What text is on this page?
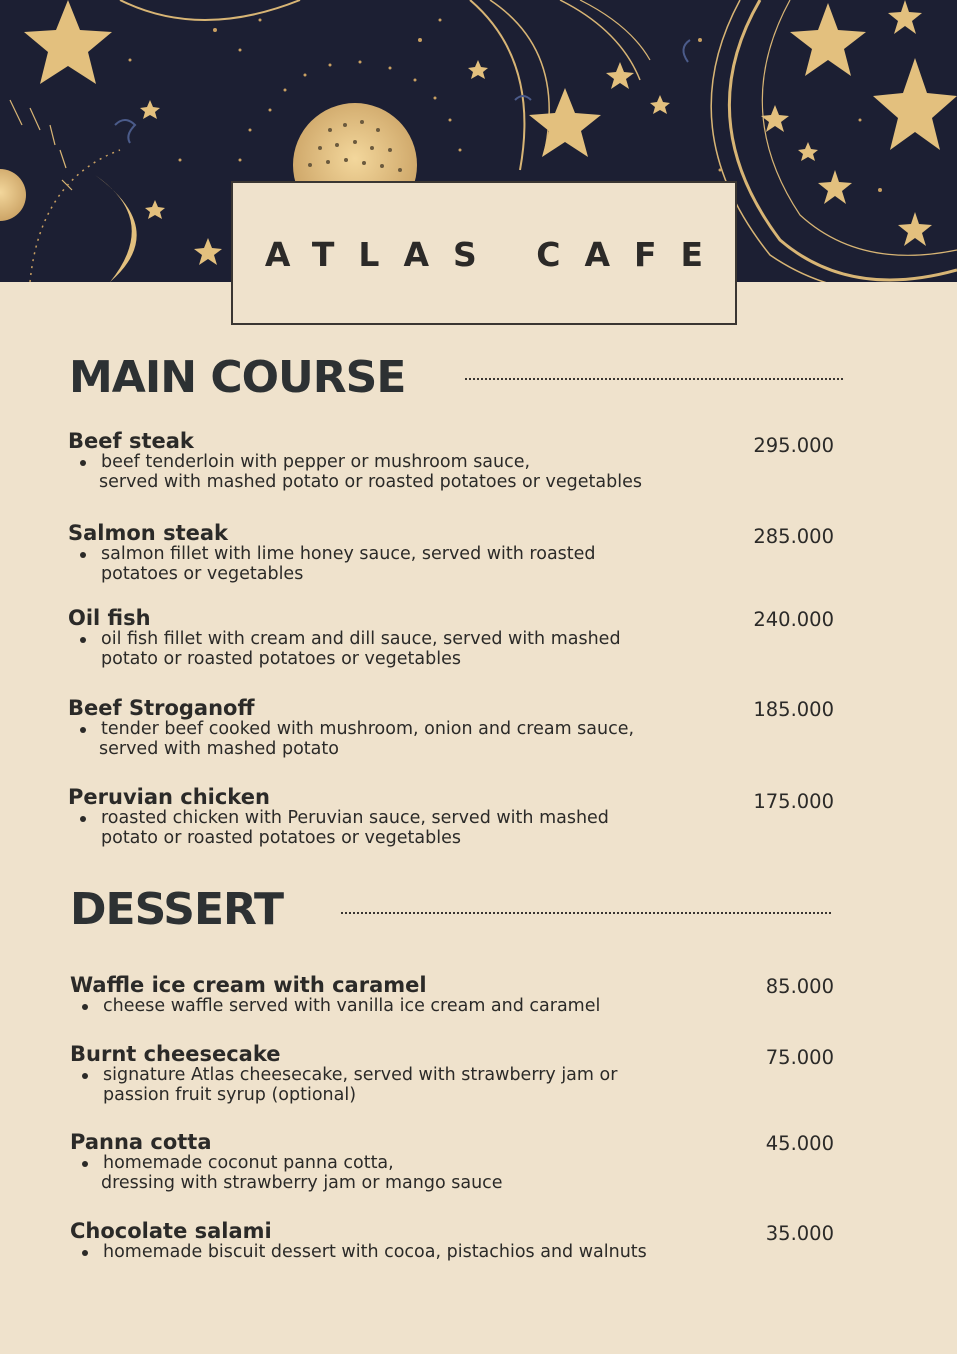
ATLAS CAFE
MAIN COURSE
Beef steak	295.000
beef tenderloin with pepper or mushroom sauce,
served with mashed potato or roasted potatoes or vegetables
Salmon steak	285.000
salmon fillet with lime honey sauce, served with roasted
potatoes or vegetables
Oil fish	240.000
oil fish fillet with cream and dill sauce, served with mashed
potato or roasted potatoes or vegetables
Beef Stroganoff	185.000
tender beef cooked with mushroom, onion and cream sauce,
served with mashed potato
Peruvian chicken	175.000
roasted chicken with Peruvian sauce, served with mashed
potato or roasted potatoes or vegetables
DESSERT
Waffle ice cream with caramel	85.000
cheese waffle served with vanilla ice cream and caramel
Burnt cheesecake	75.000
signature Atlas cheesecake, served with strawberry jam or
passion fruit syrup (optional)
Panna cotta	45.000
homemade coconut panna cotta,
dressing with strawberry jam or mango sauce
Chocolate salami	35.000
homemade biscuit dessert with cocoa, pistachios and walnuts
